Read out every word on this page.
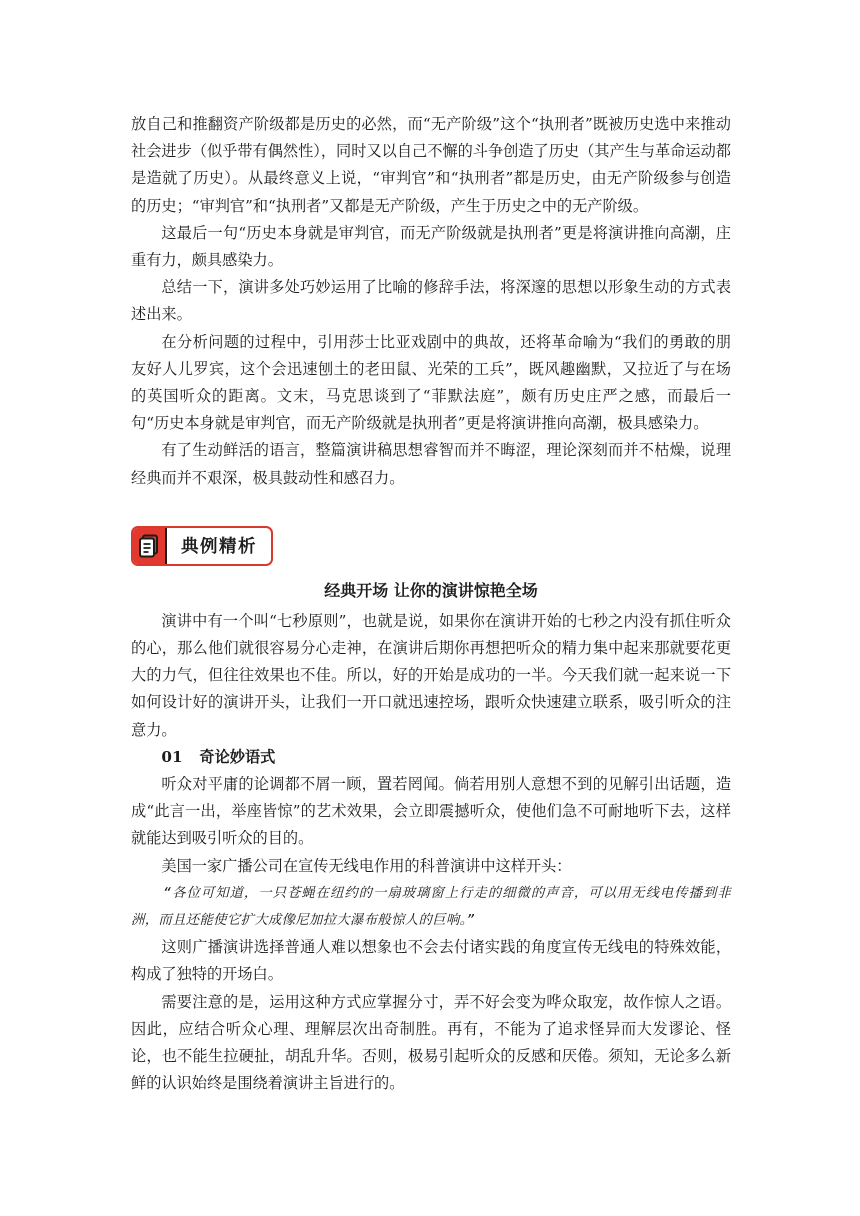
放自己和推翻资产阶级都是历史的必然，而“无产阶级”这个“执刑者”既被历史选中来推动社会进步（似乎带有偶然性），同时又以自己不懈的斗争创造了历史（其产生与革命运动都是造就了历史）。从最终意义上说，“审判官”和“执刑者”都是历史，由无产阶级参与创造的历史；“审判官”和“执刑者”又都是无产阶级，产生于历史之中的无产阶级。

这最后一句“历史本身就是审判官，而无产阶级就是执刑者”更是将演讲推向高潮，庄重有力，颇具感染力。

总结一下，演讲多处巧妙运用了比喻的修辞手法，将深邃的思想以形象生动的方式表述出来。

在分析问题的过程中，引用莎士比亚戏剧中的典故，还将革命喻为“我们的勇敢的朋友好人儿罗宾，这个会迅速刨土的老田鼠、光荣的工兵”，既风趣幽默，又拉近了与在场的英国听众的距离。文末，马克思谈到了“菲默法庭”，颇有历史庄严之感，而最后一句“历史本身就是审判官，而无产阶级就是执刑者”更是将演讲推向高潮，极具感染力。

有了生动鲜活的语言，整篇演讲稿思想睿智而并不晦涩，理论深刻而并不枯燥，说理经典而并不艰深，极具鼓动性和感召力。

典例精析
经典开场 让你的演讲惊艳全场

演讲中有一个叫“七秒原则”，也就是说，如果你在演讲开始的七秒之内没有抓住听众的心，那么他们就很容易分心走神，在演讲后期你再想把听众的精力集中起来那就要花更大的力气，但往往效果也不佳。所以，好的开始是成功的一半。今天我们就一起来说一下如何设计好的演讲开头，让我们一开口就迅速控场，跟听众快速建立联系，吸引听众的注意力。

01 奇论妙语式

听众对平庸的论调都不屑一顾，置若罔闻。倘若用别人意想不到的见解引出话题，造成“此言一出，举座皆惊”的艺术效果，会立即震撼听众，使他们急不可耐地听下去，这样就能达到吸引听众的目的。

美国一家广播公司在宣传无线电作用的科普演讲中这样开头：

“各位可知道，一只苍蝇在纽约的一扇玻璃窗上行走的细微的声音，可以用无线电传播到非洲，而且还能使它扩大成像尼加拉大瀑布般惊人的巨响。”

这则广播演讲选择普通人难以想象也不会去付诸实践的角度宣传无线电的特殊效能，构成了独特的开场白。

需要注意的是，运用这种方式应掌握分寸，弄不好会变为哗众取宠，故作惊人之语。因此，应结合听众心理、理解层次出奇制胜。再有，不能为了追求怪异而大发谬论、怪论，也不能生拉硬扯，胡乱升华。否则，极易引起听众的反感和厌倦。须知，无论多么新鲜的认识始终是围绕着演讲主旨进行的。
